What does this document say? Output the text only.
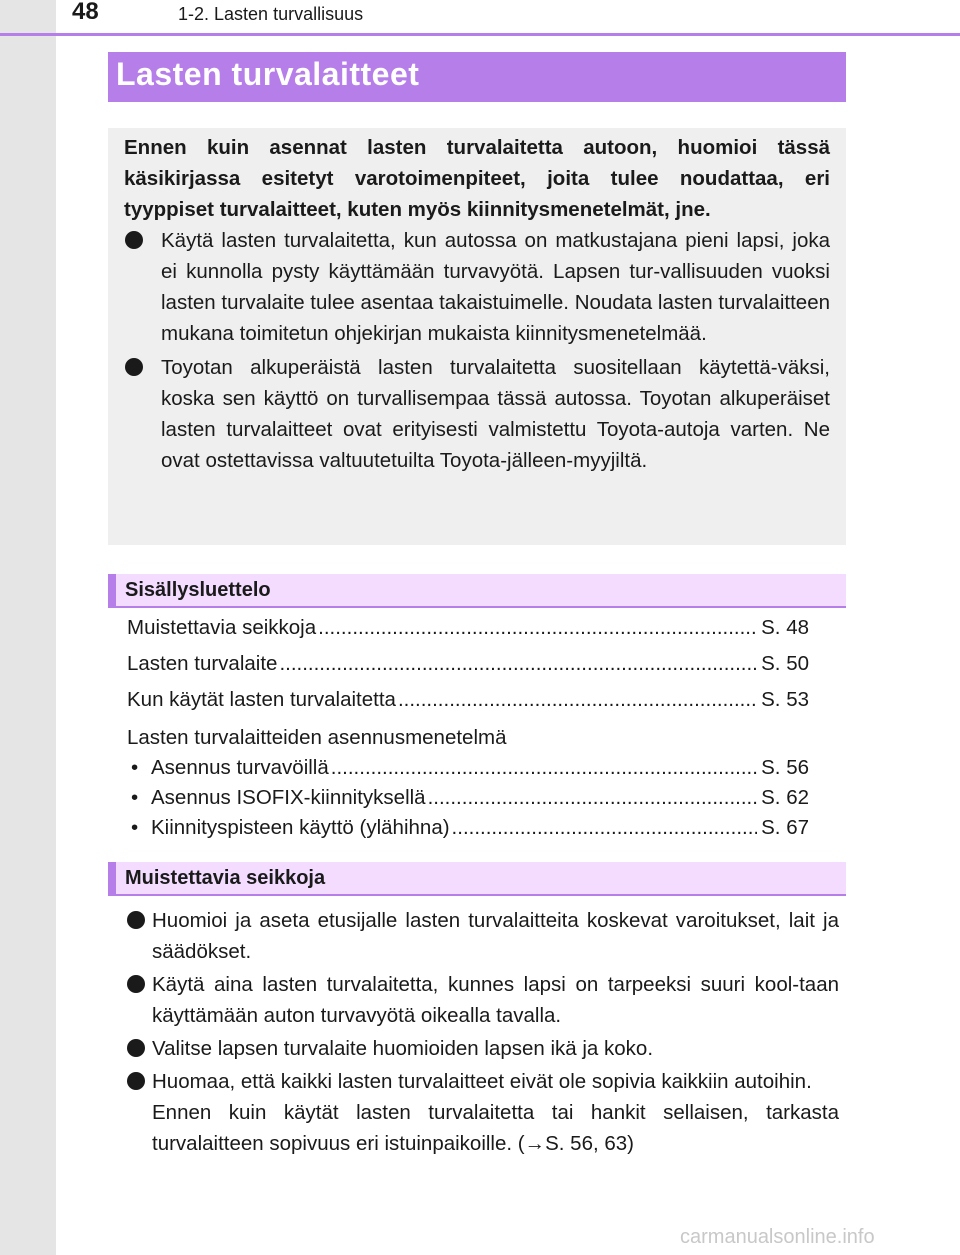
48	1-2. Lasten turvallisuus
Lasten turvalaitteet
Ennen kuin asennat lasten turvalaitetta autoon, huomioi tässä käsikirjassa esitetyt varotoimenpiteet, joita tulee noudattaa, eri tyyppiset turvalaitteet, kuten myös kiinnitysmenetelmät, jne.
Käytä lasten turvalaitetta, kun autossa on matkustajana pieni lapsi, joka ei kunnolla pysty käyttämään turvavyötä. Lapsen tur-vallisuuden vuoksi lasten turvalaite tulee asentaa takaistuimelle. Noudata lasten turvalaitteen mukana toimitetun ohjekirjan mukaista kiinnitysmenetelmää.
Toyotan alkuperäistä lasten turvalaitetta suositellaan käytettä-väksi, koska sen käyttö on turvallisempaa tässä autossa. Toyotan alkuperäiset lasten turvalaitteet ovat erityisesti valmistettu Toyota-autoja varten. Ne ovat ostettavissa valtuutetuilta Toyota-jälleen-myyjiltä.
Sisällysluettelo
Muistettavia seikkoja .....	S. 48
Lasten turvalaite .....	S. 50
Kun käytät lasten turvalaitetta .....	S. 53
Lasten turvalaitteiden asennusmenetelmä
• Asennus turvavöillä .....	S. 56
• Asennus ISOFIX-kiinnityksellä .....	S. 62
• Kiinnityspisteen käyttö (ylähihna) .....	S. 67
Muistettavia seikkoja
Huomioi ja aseta etusijalle lasten turvalaitteita koskevat varoitukset, lait ja säädökset.
Käytä aina lasten turvalaitetta, kunnes lapsi on tarpeeksi suuri kool-taan käyttämään auton turvavyötä oikealla tavalla.
Valitse lapsen turvalaite huomioiden lapsen ikä ja koko.
Huomaa, että kaikki lasten turvalaitteet eivät ole sopivia kaikkiin autoihin.
Ennen kuin käytät lasten turvalaitetta tai hankit sellaisen, tarkasta turvalaitteen sopivuus eri istuinpaikoille. (→S. 56, 63)
carmanualsonline.info
